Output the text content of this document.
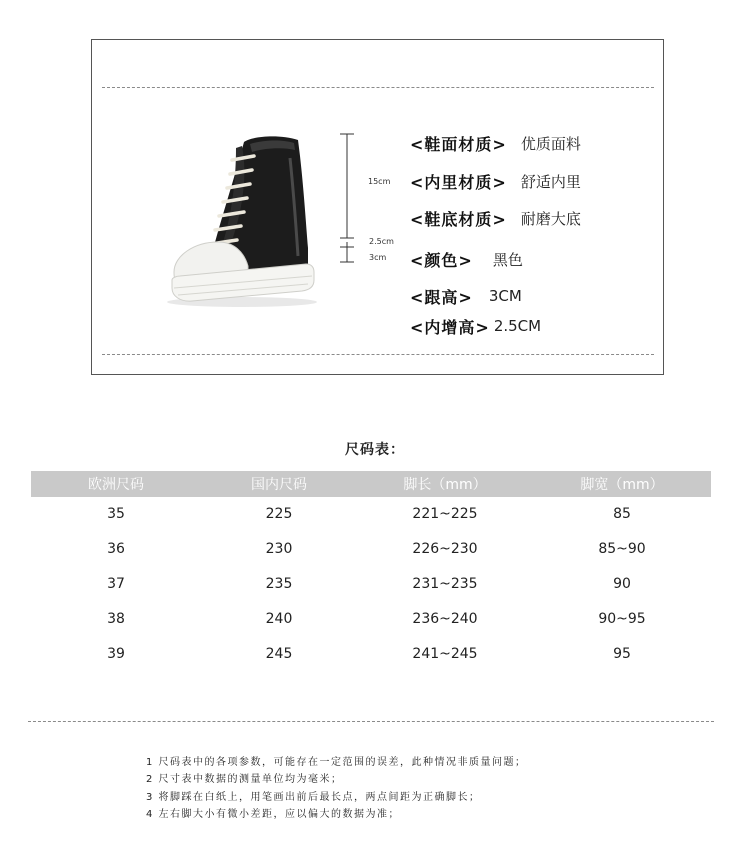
15cm
2.5cm
3cm
<鞋面材质> 优质面料
<内里材质> 舒适内里
<鞋底材质> 耐磨大底
<颜色> 黑色
<跟高> 3CM
<内增高> 2.5CM
尺码表：
欧洲尺码	国内尺码	脚长（mm）	脚宽（mm）
35	225	221~225	85
36	230	226~230	85~90
37	235	231~235	90
38	240	236~240	90~95
39	245	241~245	95
1 尺码表中的各项参数，可能存在一定范围的误差，此种情况非质量问题；
2 尺寸表中数据的测量单位均为毫米；
3 将脚踩在白纸上，用笔画出前后最长点，两点间距为正确脚长；
4 左右脚大小有微小差距，应以偏大的数据为准；
